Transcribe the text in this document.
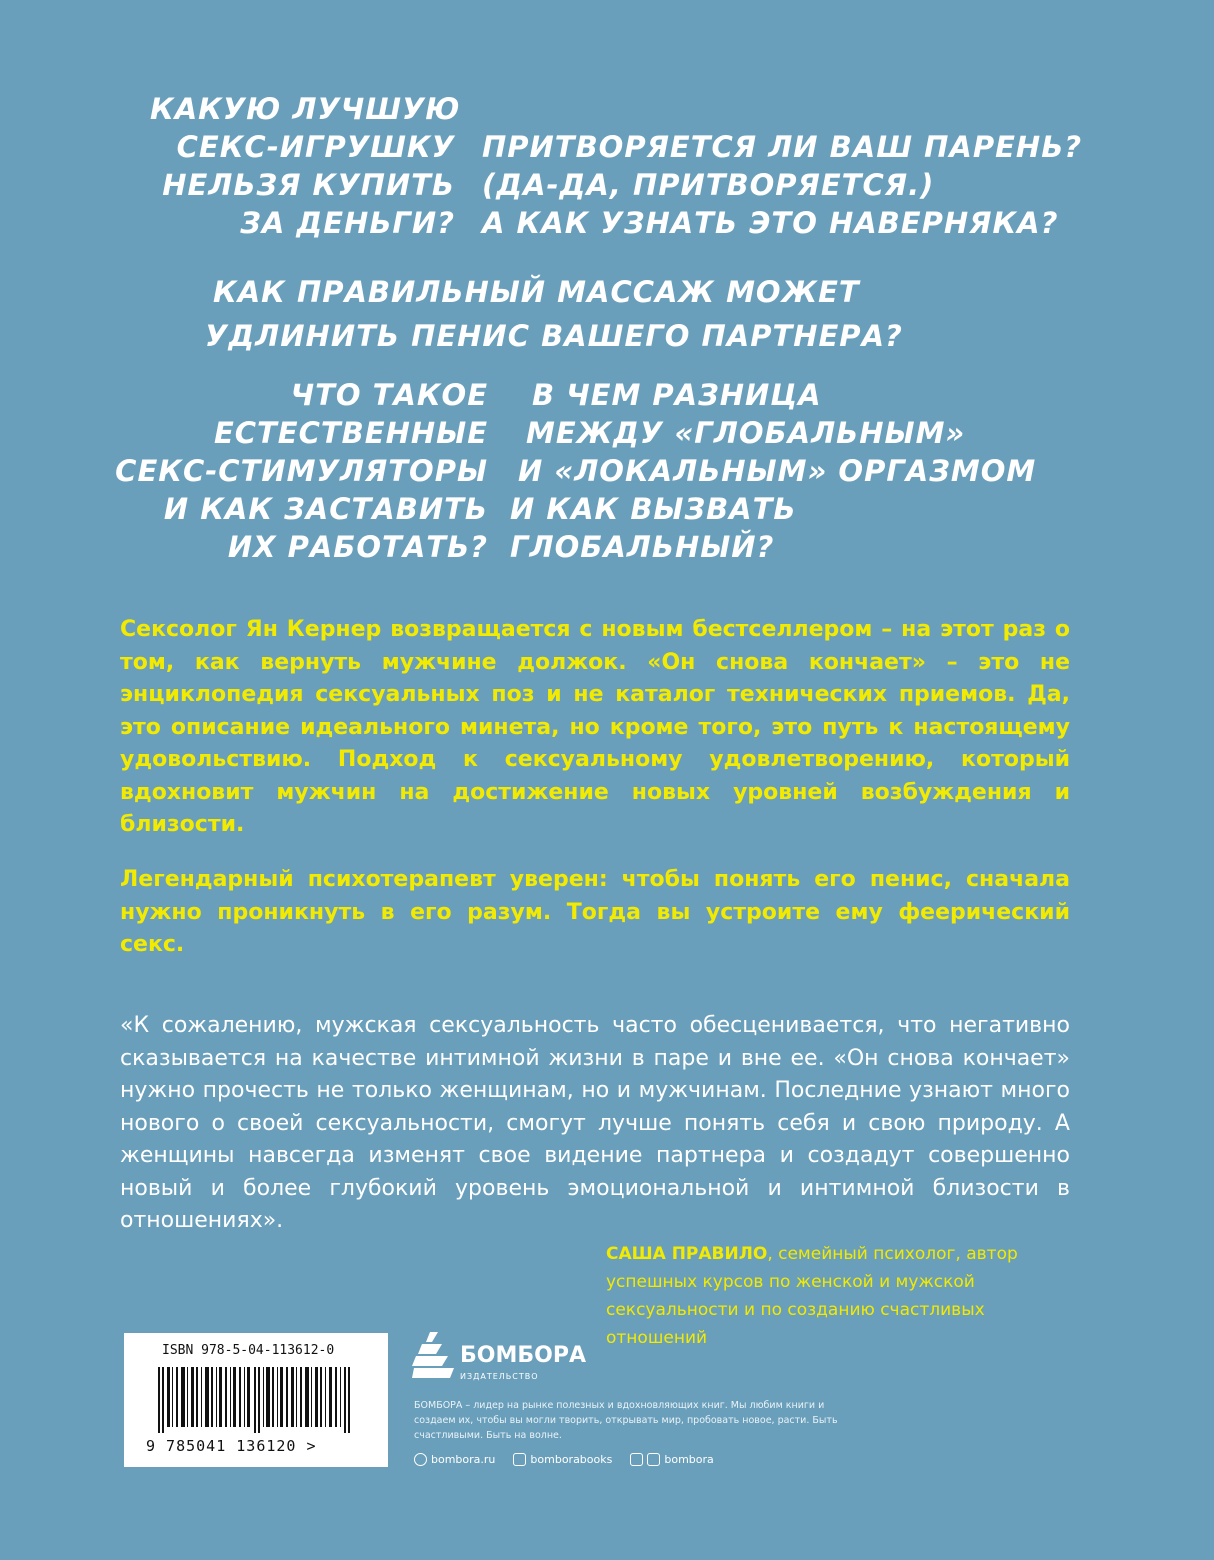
КАКУЮ ЛУЧШУЮ
СЕКС-ИГРУШКУ
НЕЛЬЗЯ КУПИТЬ
ЗА ДЕНЬГИ?
ПРИТВОРЯЕТСЯ ЛИ ВАШ ПАРЕНЬ?
(ДА-ДА, ПРИТВОРЯЕТСЯ.)
А КАК УЗНАТЬ ЭТО НАВЕРНЯКА?
КАК ПРАВИЛЬНЫЙ МАССАЖ МОЖЕТ
УДЛИНИТЬ ПЕНИС ВАШЕГО ПАРТНЕРА?
ЧТО ТАКОЕ
ЕСТЕСТВЕННЫЕ
СЕКС-СТИМУЛЯТОРЫ
И КАК ЗАСТАВИТЬ
ИХ РАБОТАТЬ?
В ЧЕМ РАЗНИЦА
МЕЖДУ «ГЛОБАЛЬНЫМ»
И «ЛОКАЛЬНЫМ» ОРГАЗМОМ
И КАК ВЫЗВАТЬ
ГЛОБАЛЬНЫЙ?

Сексолог Ян Кернер возвращается с новым бестселлером – на этот раз о том, как вернуть мужчине должок. «Он снова кончает» – это не энциклопедия сексуальных поз и не каталог технических приемов. Да, это описание идеального минета, но кроме того, это путь к настоящему удовольствию. Подход к сексуальному удовлетворению, который вдохновит мужчин на достижение новых уровней возбуждения и близости.

Легендарный психотерапевт уверен: чтобы понять его пенис, сначала нужно проникнуть в его разум. Тогда вы устроите ему феерический секс.

«К сожалению, мужская сексуальность часто обесценивается, что негативно сказывается на качестве интимной жизни в паре и вне ее. «Он снова кончает» нужно прочесть не только женщинам, но и мужчинам. Последние узнают много нового о своей сексуальности, смогут лучше понять себя и свою природу. А женщины навсегда изменят свое видение партнера и создадут совершенно новый и более глубокий уровень эмоциональной и интимной близости в отношениях».

САША ПРАВИЛО, семейный психолог, автор успешных курсов по женской и мужской сексуальности и по созданию счастливых отношений

ISBN 978-5-04-113612-0
9 785041 136120 >
БОМБОРА
ИЗДАТЕЛЬСТВО

БОМБОРА – лидер на рынке полезных и вдохновляющих книг. Мы любим книги и создаем их, чтобы вы могли творить, открывать мир, пробовать новое, расти. Быть счастливыми. Быть на волне.

bombora.ru	bomborabooks	bombora
